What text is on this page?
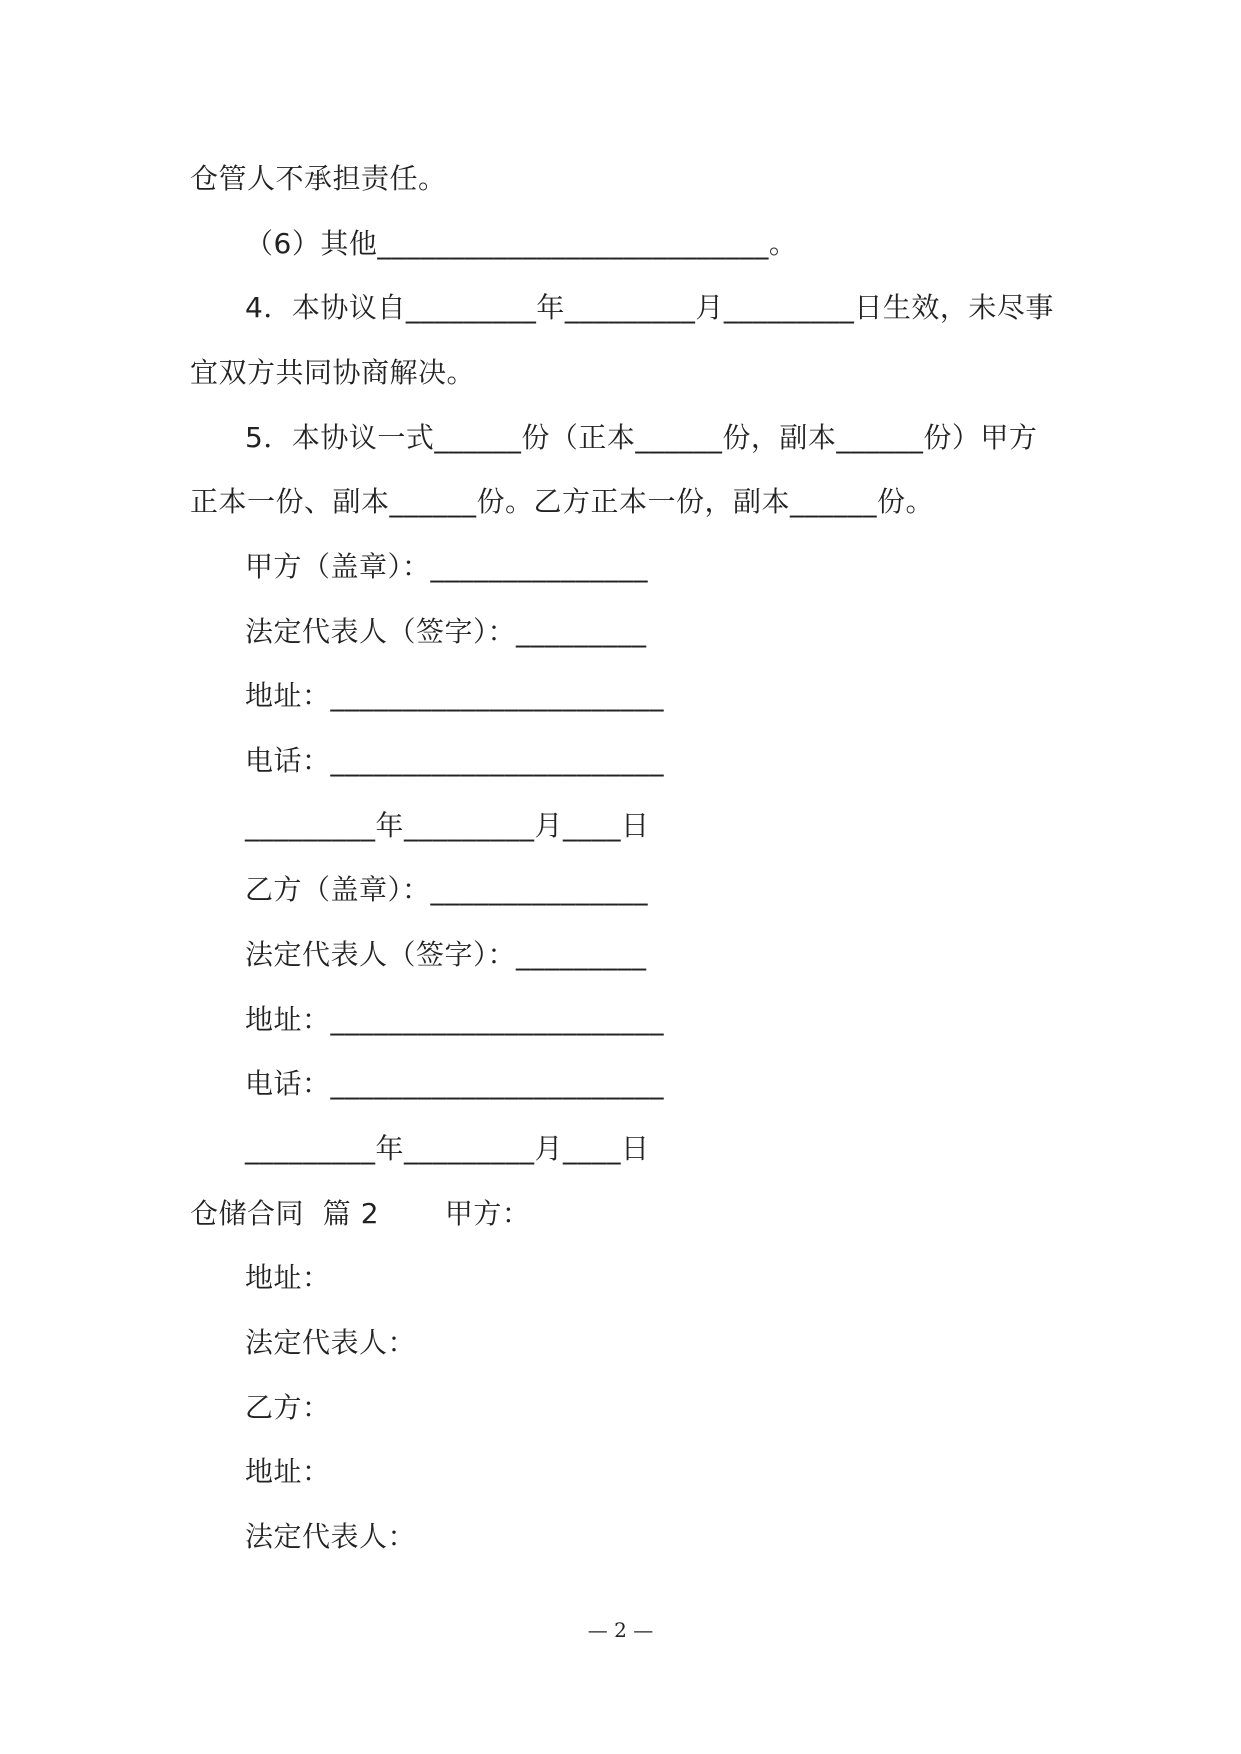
仓管人不承担责任。
（6）其他___________________________。
4．本协议自_________年_________月_________日生效，未尽事
宜双方共同协商解决。
5．本协议一式______份（正本______份，副本______份）甲方
正本一份、副本______份。乙方正本一份，副本______份。
甲方（盖章）：_______________
法定代表人（签字）：_________
地址：_______________________
电话：_______________________
_________年_________月____日
乙方（盖章）：_______________
法定代表人（签字）：_________
地址：_______________________
电话：_______________________
_________年_________月____日
仓储合同  篇 2       甲方：
地址：
法定代表人：
乙方：
地址：
法定代表人：
— 2 —
